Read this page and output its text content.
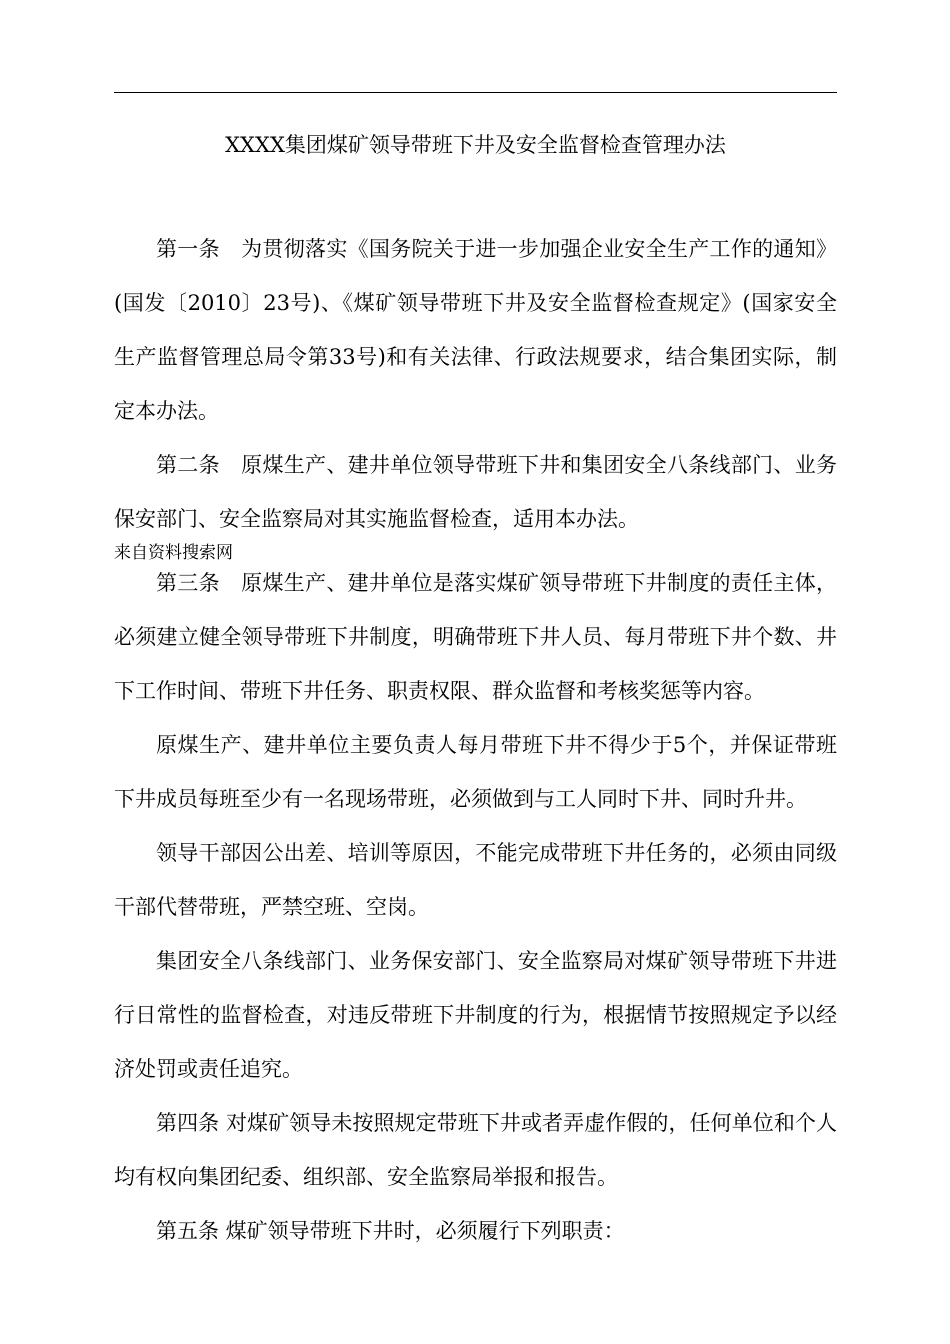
XXXX集团煤矿领导带班下井及安全监督检查管理办法

第一条　为贯彻落实《国务院关于进一步加强企业安全生产工作的通知》(国发〔2010〕23号)、《煤矿领导带班下井及安全监督检查规定》(国家安全生产监督管理总局令第33号)和有关法律、行政法规要求，结合集团实际，制定本办法。

第二条　原煤生产、建井单位领导带班下井和集团安全八条线部门、业务保安部门、安全监察局对其实施监督检查，适用本办法。

来自资料搜索网

第三条　原煤生产、建井单位是落实煤矿领导带班下井制度的责任主体，必须建立健全领导带班下井制度，明确带班下井人员、每月带班下井个数、井下工作时间、带班下井任务、职责权限、群众监督和考核奖惩等内容。

原煤生产、建井单位主要负责人每月带班下井不得少于5个，并保证带班下井成员每班至少有一名现场带班，必须做到与工人同时下井、同时升井。

领导干部因公出差、培训等原因，不能完成带班下井任务的，必须由同级干部代替带班，严禁空班、空岗。

集团安全八条线部门、业务保安部门、安全监察局对煤矿领导带班下井进行日常性的监督检查，对违反带班下井制度的行为，根据情节按照规定予以经济处罚或责任追究。

第四条 对煤矿领导未按照规定带班下井或者弄虚作假的，任何单位和个人均有权向集团纪委、组织部、安全监察局举报和报告。

第五条 煤矿领导带班下井时，必须履行下列职责：
